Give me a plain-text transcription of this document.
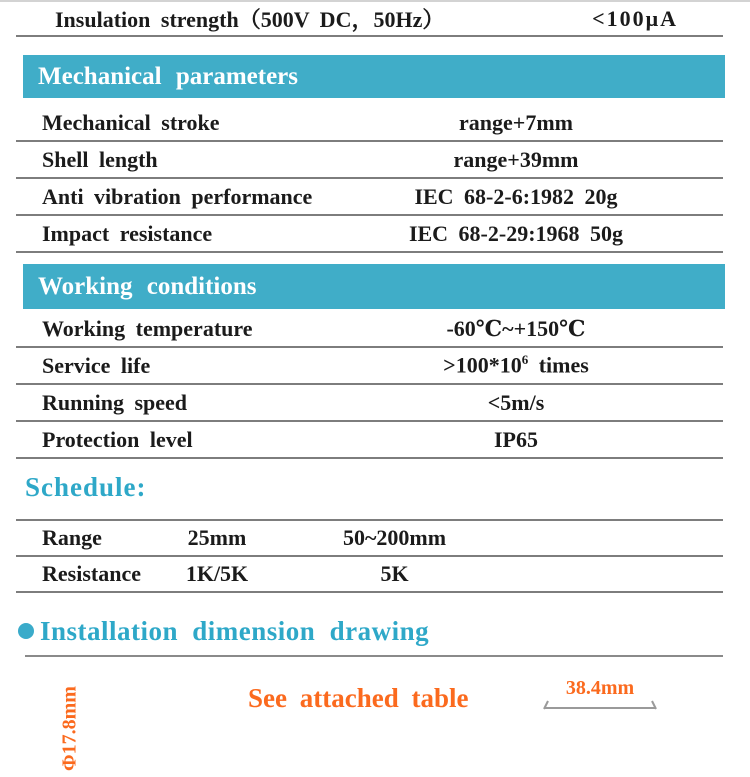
Insulation strength（500V DC，50Hz）	<100μA
Mechanical parameters
Mechanical stroke	range+7mm
Shell length	range+39mm
Anti vibration performance	IEC 68-2-6:1982 20g
Impact resistance	IEC 68-2-29:1968 50g
Working conditions
Working temperature	-60℃~+150℃
Service life	$>100*10^6$ times
Running speed	<5m/s
Protection level	IP65
Schedule:
Range	25mm	50~200mm
Resistance	1K/5K	5K
Installation dimension drawing
Φ17.8mm	See attached table	38.4mm
